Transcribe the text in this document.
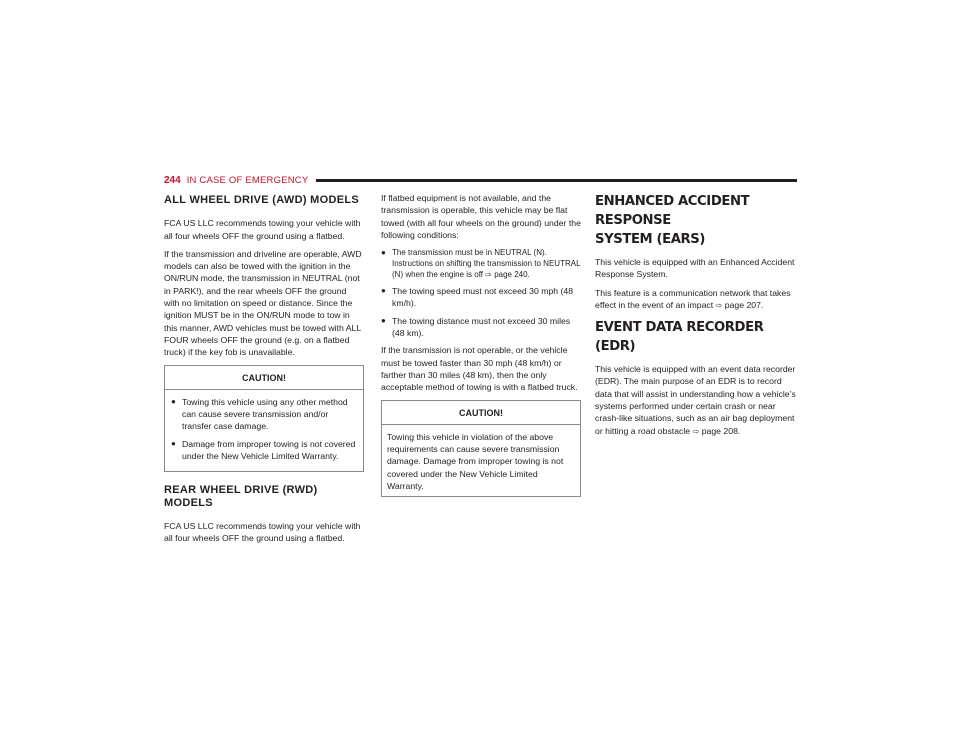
244 IN CASE OF EMERGENCY
ALL WHEEL DRIVE (AWD) MODELS

FCA US LLC recommends towing your vehicle with all four wheels OFF the ground using a flatbed.

If the transmission and driveline are operable, AWD models can also be towed with the ignition in the ON/RUN mode, the transmission in NEUTRAL (not in PARK!), and the rear wheels OFF the ground with no limitation on speed or distance. Since the ignition MUST be in the ON/RUN mode to tow in this manner, AWD vehicles must be towed with ALL FOUR wheels OFF the ground (e.g. on a flatbed truck) if the key fob is unavailable.

CAUTION!
● Towing this vehicle using any other method can cause severe transmission and/or transfer case damage.
● Damage from improper towing is not covered under the New Vehicle Limited Warranty.
REAR WHEEL DRIVE (RWD) MODELS

FCA US LLC recommends towing your vehicle with all four wheels OFF the ground using a flatbed.

If flatbed equipment is not available, and the transmission is operable, this vehicle may be flat towed (with all four wheels on the ground) under the following conditions:

● The transmission must be in NEUTRAL (N). Instructions on shifting the transmission to NEUTRAL (N) when the engine is off ⇨ page 240.
● The towing speed must not exceed 30 mph (48 km/h).
● The towing distance must not exceed 30 miles (48 km).

If the transmission is not operable, or the vehicle must be towed faster than 30 mph (48 km/h) or farther than 30 miles (48 km), then the only acceptable method of towing is with a flatbed truck.

CAUTION!
Towing this vehicle in violation of the above requirements can cause severe transmission damage. Damage from improper towing is not covered under the New Vehicle Limited Warranty.
ENHANCED ACCIDENT RESPONSE
SYSTEM (EARS)

This vehicle is equipped with an Enhanced Accident Response System.

This feature is a communication network that takes effect in the event of an impact ⇨ page 207.

EVENT DATA RECORDER (EDR)

This vehicle is equipped with an event data recorder (EDR). The main purpose of an EDR is to record data that will assist in understanding how a vehicle’s systems performed under certain crash or near crash-like situations, such as an air bag deployment or hitting a road obstacle ⇨ page 208.
